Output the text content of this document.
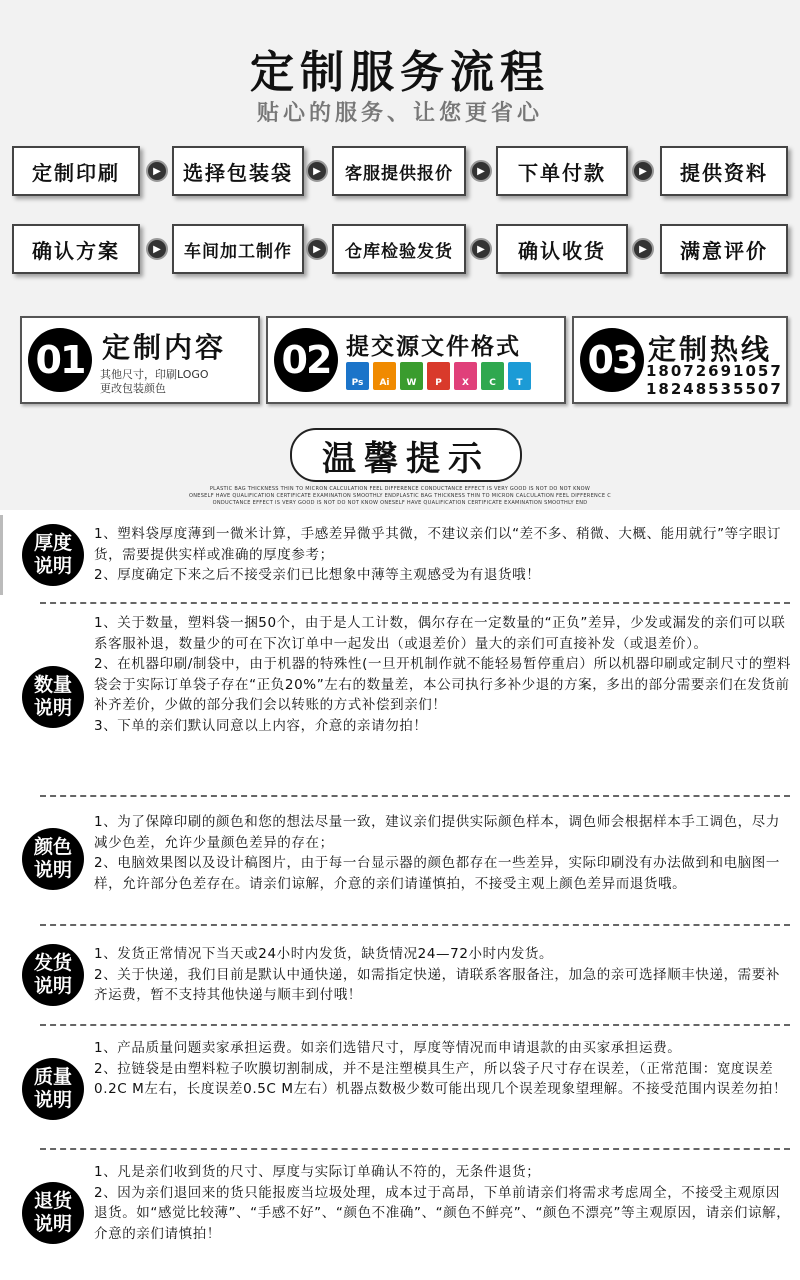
定制服务流程
贴心的服务、让您更省心
定制印刷	▶	选择包装袋	▶	客服提供报价	▶	下单付款	▶	提供资料
确认方案	▶	车间加工制作	▶	仓库检验发货	▶	确认收货	▶	满意评价
01 定制内容
其他尺寸，印刷LOGO
更改包装颜色
02 提交源文件格式
Ps	Ai	W	P	X	C	T
03 定制热线
18072691057
18248535507
温馨提示
PLASTIC BAG THICKNESS THIN TO MICRON CALCULATION FEEL DIFFERENCE CONDUCTANCE EFFECT IS VERY GOOD IS NOT DO NOT KNOW
ONESELF HAVE QUALIFICATION CERTIFICATE EXAMINATION SMOOTHLY ENDPLASTIC BAG THICKNESS THIN TO MICRON CALCULATION FEEL DIFFERENCE C
ONDUCTANCE EFFECT IS VERY GOOD IS NOT DO NOT KNOW ONESELF HAVE QUALIFICATION CERTIFICATE EXAMINATION SMOOTHLY END
厚度
说明

1、塑料袋厚度薄到一微米计算，手感差异微乎其微，不建议亲们以“差不多、稍微、大概、能用就行”等字眼订货，需要提供实样或准确的厚度参考；

2、厚度确定下来之后不接受亲们已比想象中薄等主观感受为有退货哦！

数量
说明

1、关于数量，塑料袋一捆50个，由于是人工计数，偶尔存在一定数量的“正负”差异，少发或漏发的亲们可以联系客服补退，数量少的可在下次订单中一起发出（或退差价）量大的亲们可直接补发（或退差价）。

2、在机器印刷/制袋中，由于机器的特殊性(一旦开机制作就不能轻易暂停重启）所以机器印刷或定制尺寸的塑料袋会于实际订单袋子存在“正负20%”左右的数量差，本公司执行多补少退的方案，多出的部分需要亲们在发货前补齐差价，少做的部分我们会以转账的方式补偿到亲们！

3、下单的亲们默认同意以上内容，介意的亲请勿拍！

颜色
说明

1、为了保障印刷的颜色和您的想法尽量一致，建议亲们提供实际颜色样本，调色师会根据样本手工调色，尽力减少色差，允许少量颜色差异的存在；

2、电脑效果图以及设计稿图片，由于每一台显示器的颜色都存在一些差异，实际印刷没有办法做到和电脑图一样，允许部分色差存在。请亲们谅解，介意的亲们请谨慎拍，不接受主观上颜色差异而退货哦。

发货
说明

1、发货正常情况下当天或24小时内发货，缺货情况24—72小时内发货。

2、关于快递，我们目前是默认中通快递，如需指定快递，请联系客服备注，加急的亲可选择顺丰快递，需要补齐运费，暂不支持其他快递与顺丰到付哦！

质量
说明

1、产品质量问题卖家承担运费。如亲们选错尺寸，厚度等情况而申请退款的由买家承担运费。

2、拉链袋是由塑料粒子吹膜切割制成，并不是注塑模具生产，所以袋子尺寸存在误差，（正常范围：宽度误差0.2C M左右，长度误差0.5C M左右）机器点数极少数可能出现几个误差现象望理解。不接受范围内误差勿拍！

退货
说明

1、凡是亲们收到货的尺寸、厚度与实际订单确认不符的，无条件退货；

2、因为亲们退回来的货只能报废当垃圾处理，成本过于高昂，下单前请亲们将需求考虑周全，不接受主观原因退货。如“感觉比较薄”、“手感不好”、“颜色不准确”、“颜色不鲜亮”、“颜色不漂亮”等主观原因，请亲们谅解，介意的亲们请慎拍！
